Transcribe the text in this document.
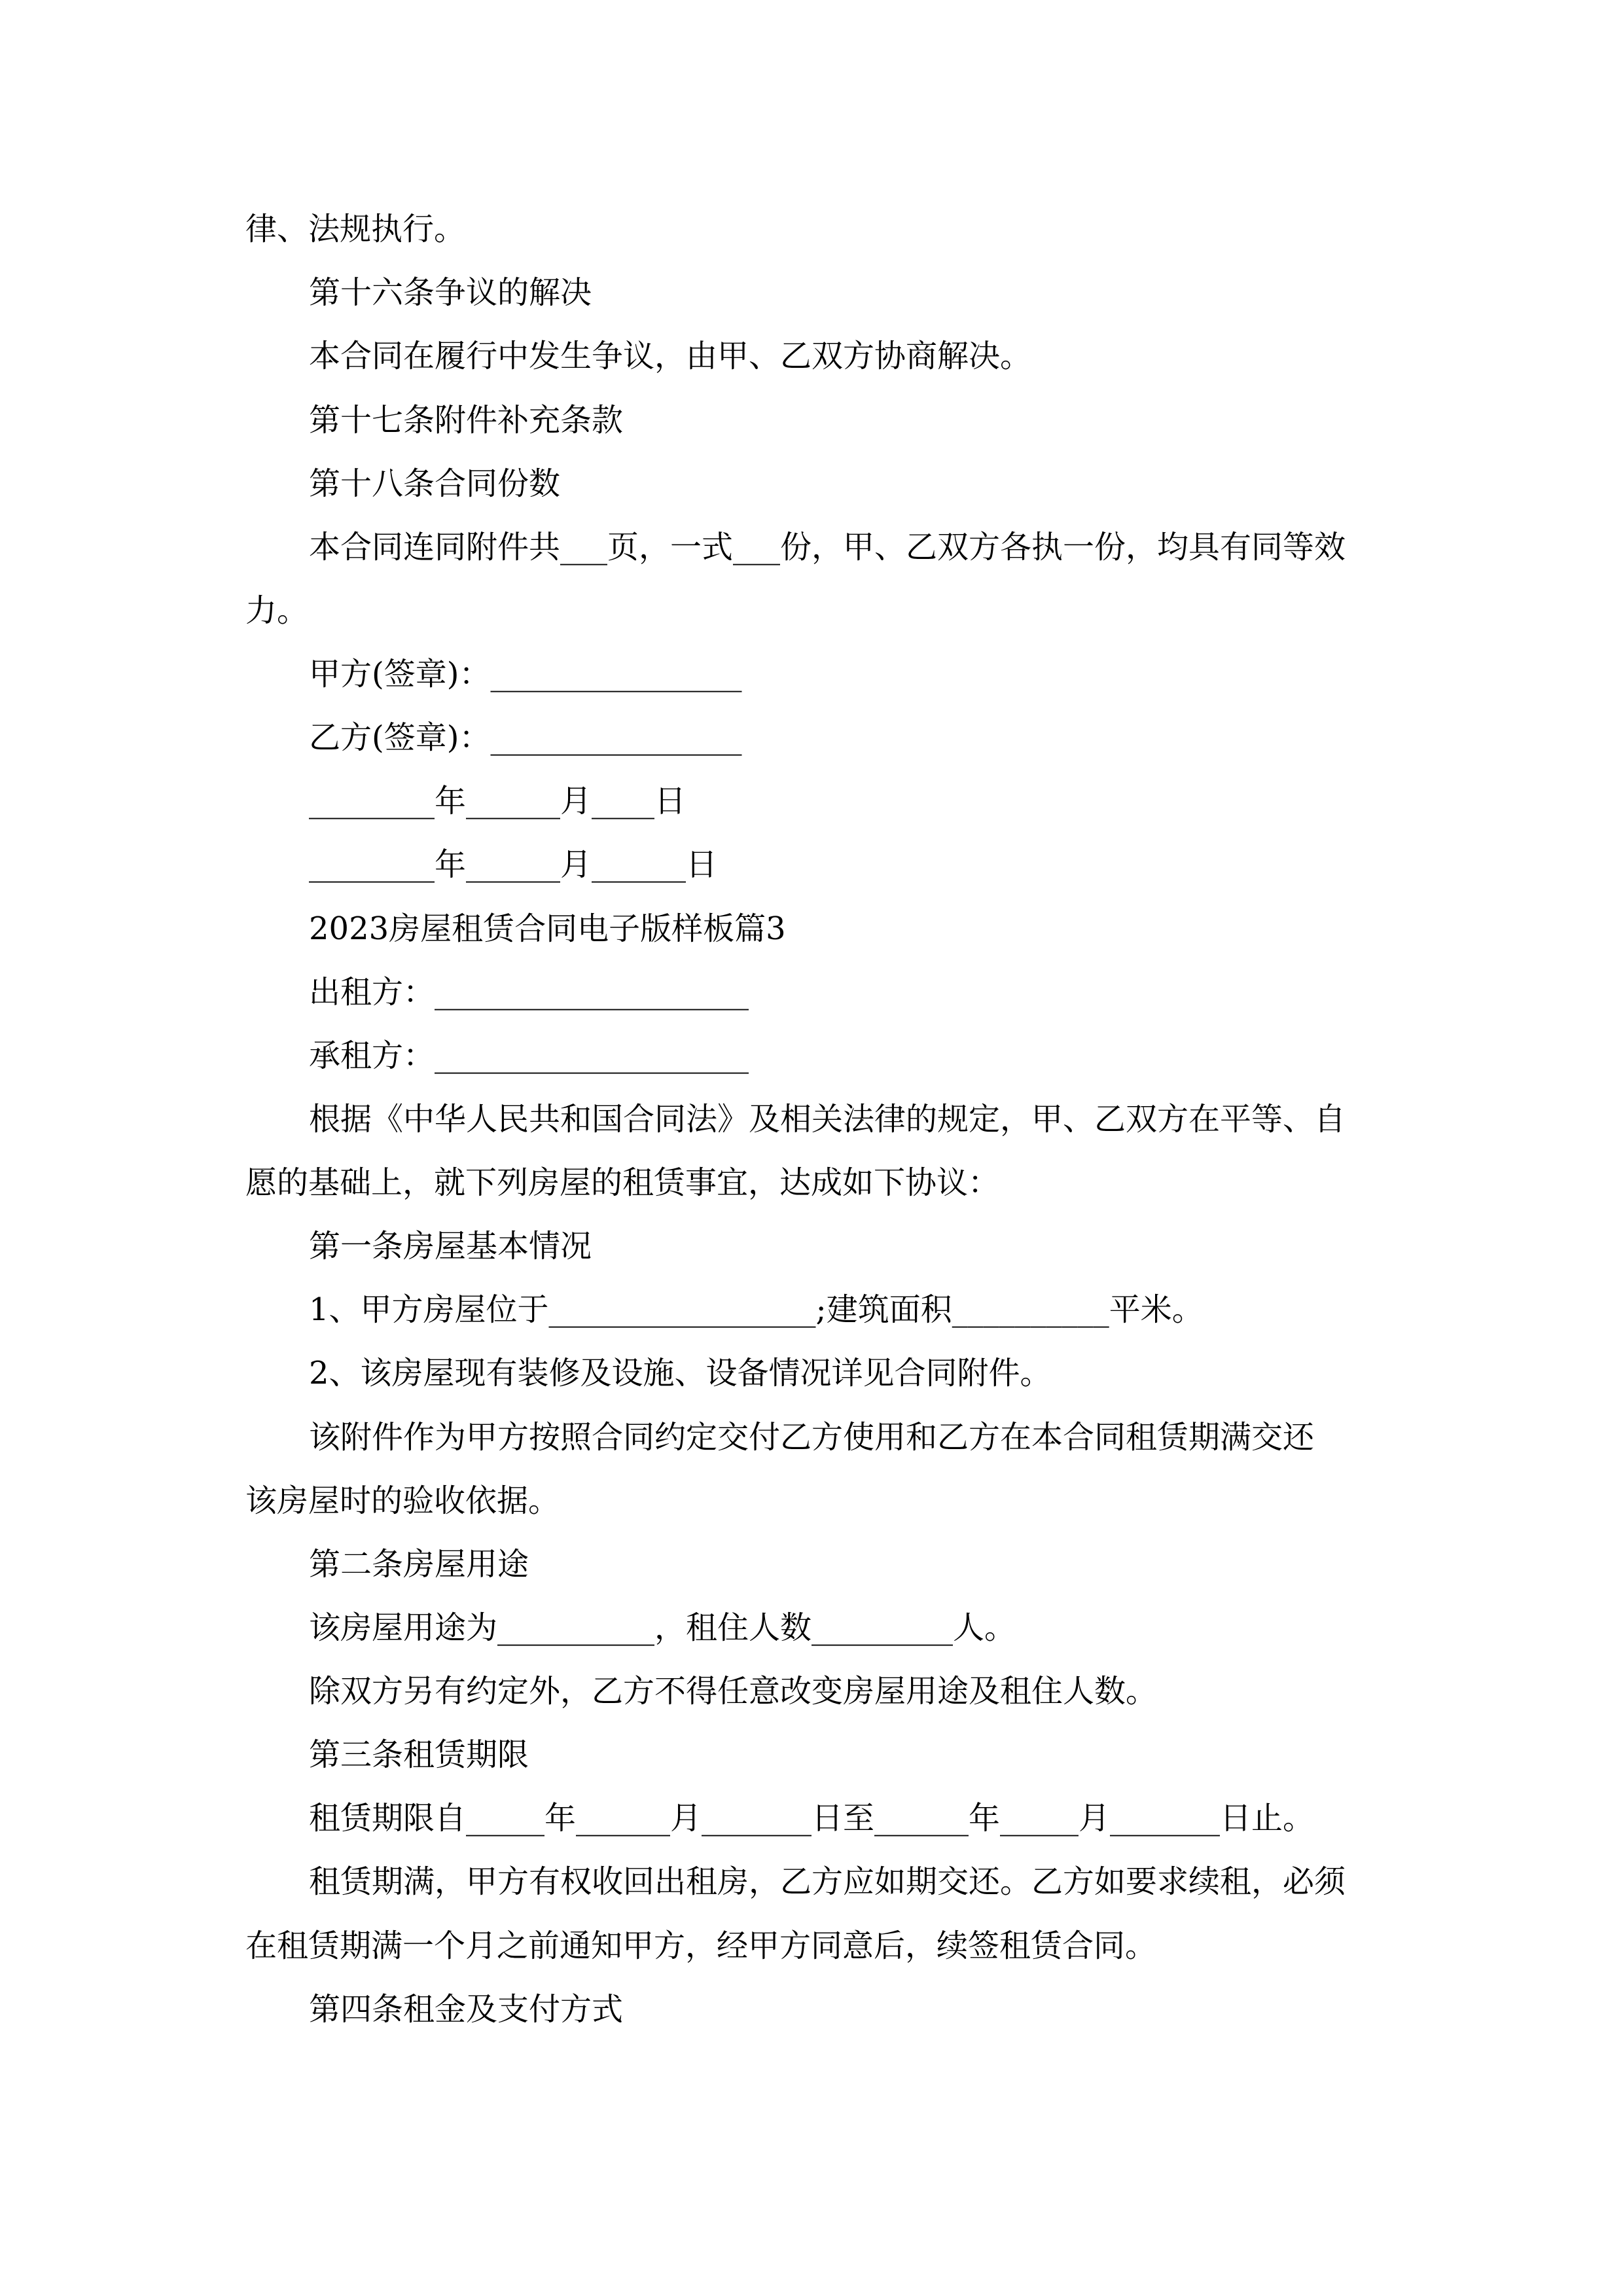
律、法规执行。
第十六条争议的解决
本合同在履行中发生争议，由甲、乙双方协商解决。
第十七条附件补充条款
第十八条合同份数
本合同连同附件共___页，一式___份，甲、乙双方各执一份，均具有同等效
力。
甲方(签章)：________________
乙方(签章)：________________
________年______月____日
________年______月______日
2023房屋租赁合同电子版样板篇3
出租方：____________________
承租方：____________________
根据《中华人民共和国合同法》及相关法律的规定，甲、乙双方在平等、自
愿的基础上，就下列房屋的租赁事宜，达成如下协议：
第一条房屋基本情况
1、甲方房屋位于_________________;建筑面积__________平米。
2、该房屋现有装修及设施、设备情况详见合同附件。
该附件作为甲方按照合同约定交付乙方使用和乙方在本合同租赁期满交还
该房屋时的验收依据。
第二条房屋用途
该房屋用途为__________，租住人数_________人。
除双方另有约定外，乙方不得任意改变房屋用途及租住人数。
第三条租赁期限
租赁期限自_____年______月_______日至______年_____月_______日止。
租赁期满，甲方有权收回出租房，乙方应如期交还。乙方如要求续租，必须
在租赁期满一个月之前通知甲方，经甲方同意后，续签租赁合同。
第四条租金及支付方式
